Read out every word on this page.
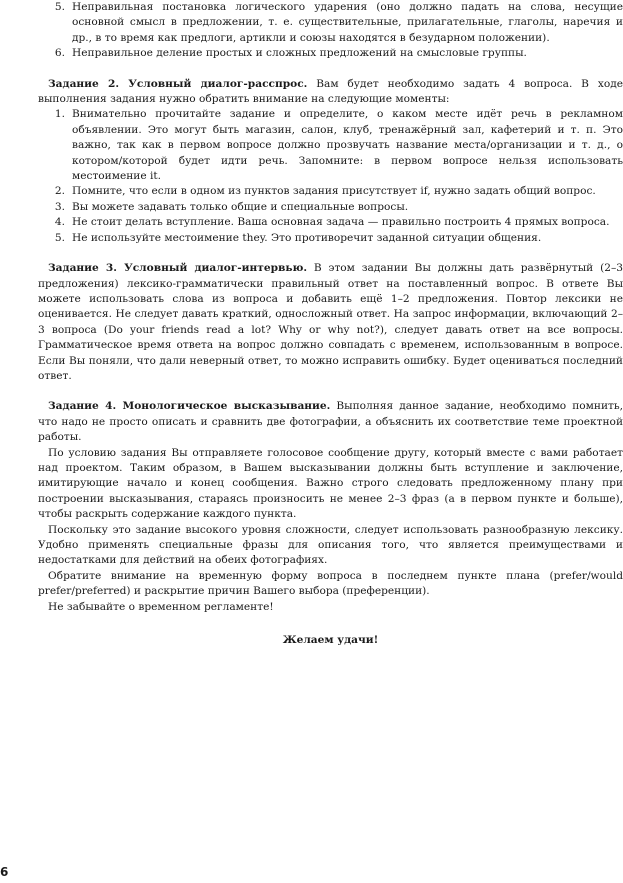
5. Неправильная постановка логического ударения (оно должно падать на слова, несущие основной смысл в предложении, т. е. существительные, прилагательные, глаголы, наречия и др., в то время как предлоги, артикли и союзы находятся в безударном положении).
6. Неправильное деление простых и сложных предложений на смысловые группы.

Задание 2. Условный диалог-расспрос. Вам будет необходимо задать 4 вопроса. В ходе выполнения задания нужно обратить внимание на следующие моменты:

1. Внимательно прочитайте задание и определите, о каком месте идёт речь в рекламном объявлении. Это могут быть магазин, салон, клуб, тренажёрный зал, кафетерий и т. п. Это важно, так как в первом вопросе должно прозвучать название места/организации и т. д., о котором/которой будет идти речь. Запомните: в первом вопросе нельзя использовать местоимение it.
2. Помните, что если в одном из пунктов задания присутствует if, нужно задать общий вопрос.
3. Вы можете задавать только общие и специальные вопросы.
4. Не стоит делать вступление. Ваша основная задача — правильно построить 4 прямых вопроса.
5. Не используйте местоимение they. Это противоречит заданной ситуации общения.

Задание 3. Условный диалог-интервью. В этом задании Вы должны дать развёрнутый (2–3 предложения) лексико-грамматически правильный ответ на поставленный вопрос. В ответе Вы можете использовать слова из вопроса и добавить ещё 1–2 предложения. Повтор лексики не оценивается. Не следует давать краткий, односложный ответ. На запрос информации, включающий 2–3 вопроса (Do your friends read a lot? Why or why not?), следует давать ответ на все вопросы. Грамматическое время ответа на вопрос должно совпадать с временем, использованным в вопросе. Если Вы поняли, что дали неверный ответ, то можно исправить ошибку. Будет оцениваться последний ответ.

Задание 4. Монологическое высказывание. Выполняя данное задание, необходимо помнить, что надо не просто описать и сравнить две фотографии, а объяснить их соответствие теме проектной работы.

По условию задания Вы отправляете голосовое сообщение другу, который вместе с вами работает над проектом. Таким образом, в Вашем высказывании должны быть вступление и заключение, имитирующие начало и конец сообщения. Важно строго следовать предложенному плану при построении высказывания, стараясь произносить не менее 2–3 фраз (а в первом пункте и больше), чтобы раскрыть содержание каждого пункта.

Поскольку это задание высокого уровня сложности, следует использовать разнообразную лексику. Удобно применять специальные фразы для описания того, что является преимуществами и недостатками для действий на обеих фотографиях.

Обратите внимание на временную форму вопроса в последнем пункте плана (prefer/would prefer/preferred) и раскрытие причин Вашего выбора (преференции).

Не забывайте о временном регламенте!

Желаем удачи!

6
